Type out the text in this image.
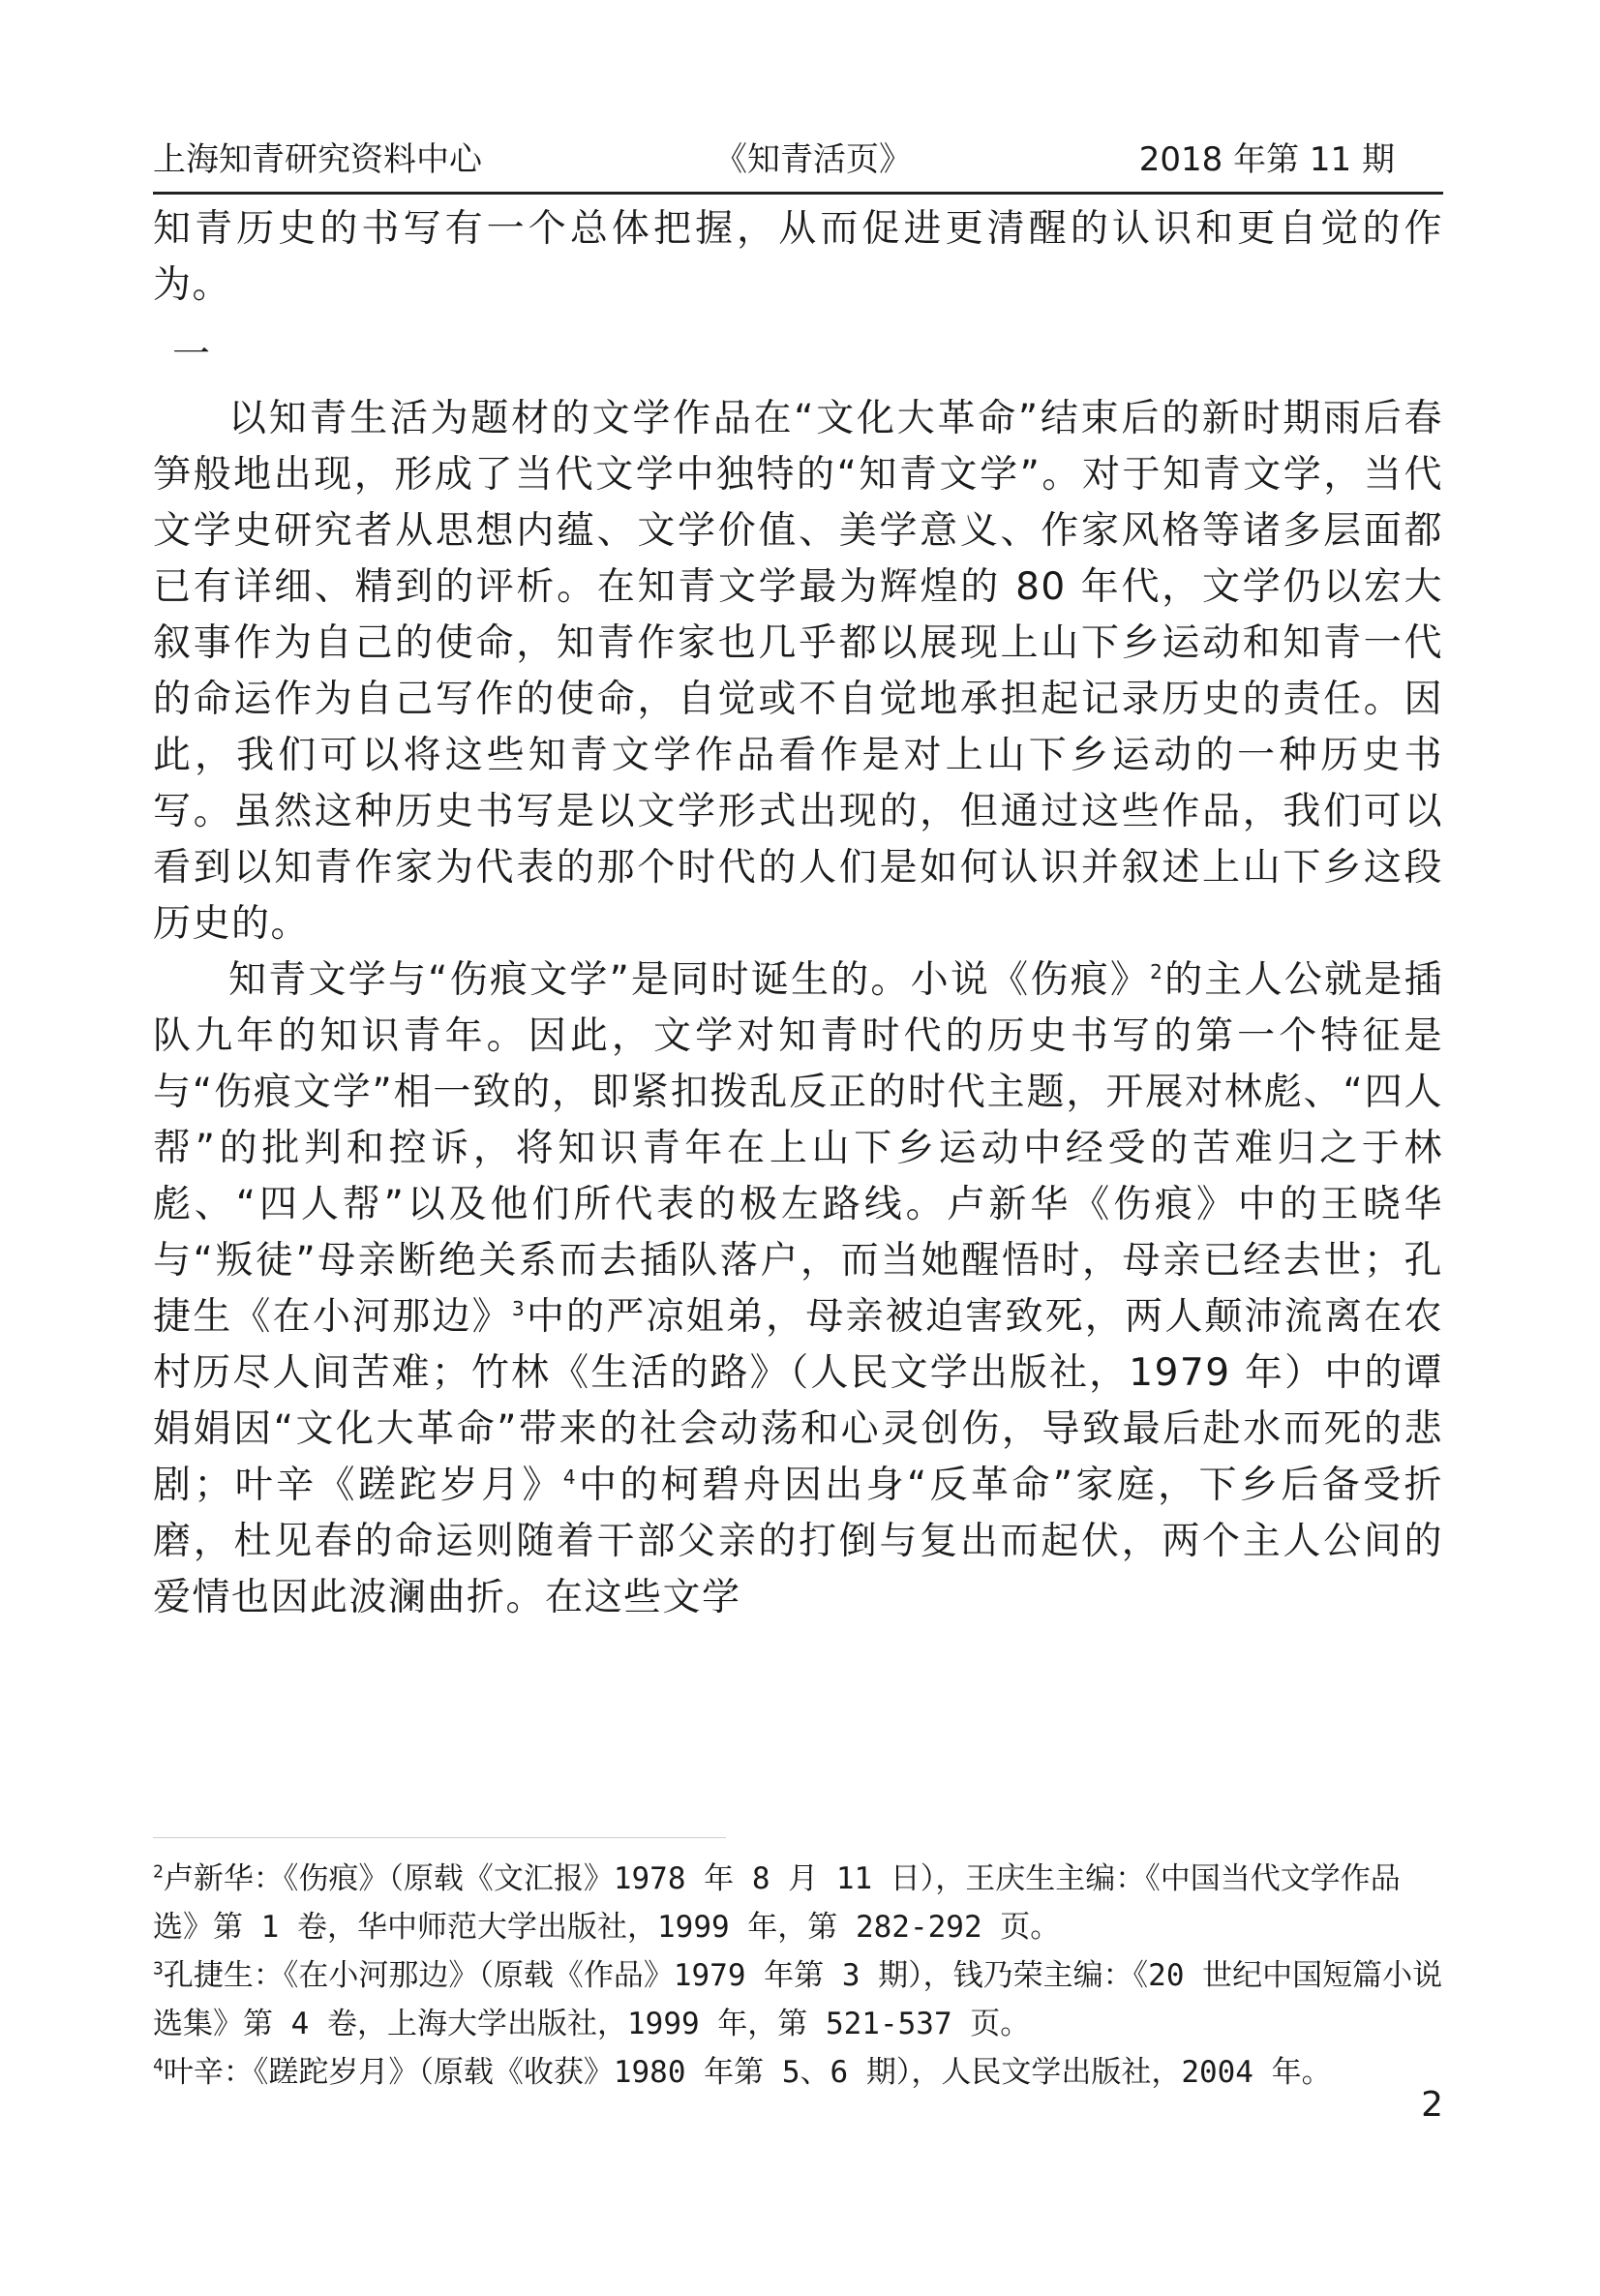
上海知青研究资料中心	《知青活页》	2018 年第 11 期

知青历史的书写有一个总体把握，从而促进更清醒的认识和更自觉的作为。

一

以知青生活为题材的文学作品在“文化大革命”结束后的新时期雨后春笋般地出现，形成了当代文学中独特的“知青文学”。对于知青文学，当代文学史研究者从思想内蕴、文学价值、美学意义、作家风格等诸多层面都已有详细、精到的评析。在知青文学最为辉煌的 80 年代，文学仍以宏大叙事作为自己的使命，知青作家也几乎都以展现上山下乡运动和知青一代的命运作为自己写作的使命，自觉或不自觉地承担起记录历史的责任。因此，我们可以将这些知青文学作品看作是对上山下乡运动的一种历史书写。虽然这种历史书写是以文学形式出现的，但通过这些作品，我们可以看到以知青作家为代表的那个时代的人们是如何认识并叙述上山下乡这段历史的。

知青文学与“伤痕文学”是同时诞生的。小说《伤痕》$^2$的主人公就是插队九年的知识青年。因此，文学对知青时代的历史书写的第一个特征是与“伤痕文学”相一致的，即紧扣拨乱反正的时代主题，开展对林彪、“四人帮”的批判和控诉，将知识青年在上山下乡运动中经受的苦难归之于林彪、“四人帮”以及他们所代表的极左路线。卢新华《伤痕》中的王晓华与“叛徒”母亲断绝关系而去插队落户，而当她醒悟时，母亲已经去世；孔捷生《在小河那边》$^3$中的严凉姐弟，母亲被迫害致死，两人颠沛流离在农村历尽人间苦难；竹林《生活的路》（人民文学出版社，1979 年）中的谭娟娟因“文化大革命”带来的社会动荡和心灵创伤，导致最后赴水而死的悲剧；叶辛《蹉跎岁月》$^4$中的柯碧舟因出身“反革命”家庭，下乡后备受折磨，杜见春的命运则随着干部父亲的打倒与复出而起伏，两个主人公间的爱情也因此波澜曲折。在这些文学

$^2$卢新华：《伤痕》（原载《文汇报》1978 年 8 月 11 日），王庆生主编：《中国当代文学作品选》第 1 卷，华中师范大学出版社，1999 年，第 282-292 页。

$^3$孔捷生：《在小河那边》（原载《作品》1979 年第 3 期），钱乃荣主编：《20 世纪中国短篇小说选集》第 4 卷，上海大学出版社，1999 年，第 521-537 页。

$^4$叶辛：《蹉跎岁月》（原载《收获》1980 年第 5、6 期），人民文学出版社，2004 年。

2
